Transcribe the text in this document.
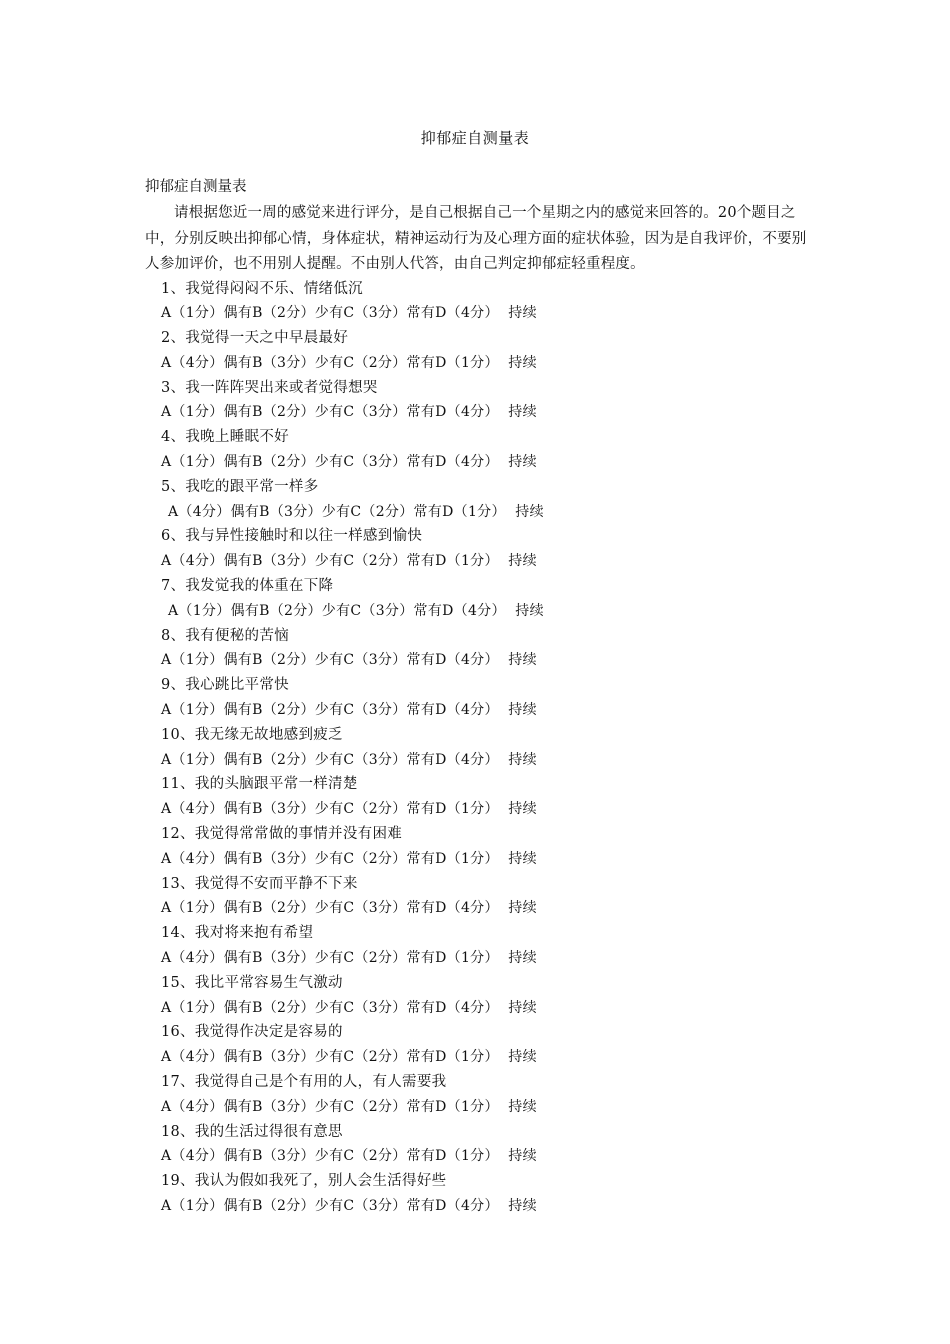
抑郁症自测量表
抑郁症自测量表

请根据您近一周的感觉来进行评分，是自己根据自己一个星期之内的感觉来回答的。20个题目之中，分别反映出抑郁心情，身体症状，精神运动行为及心理方面的症状体验，因为是自我评价，不要别人参加评价，也不用别人提醒。不由别人代答，由自己判定抑郁症轻重程度。

1、我觉得闷闷不乐、情绪低沉
A（1分）偶有B（2分）少有C（3分）常有D（4分）  持续
2、我觉得一天之中早晨最好
A（4分）偶有B（3分）少有C（2分）常有D（1分）  持续
3、我一阵阵哭出来或者觉得想哭
A（1分）偶有B（2分）少有C（3分）常有D（4分）  持续
4、我晚上睡眠不好
A（1分）偶有B（2分）少有C（3分）常有D（4分）  持续
5、我吃的跟平常一样多
A（4分）偶有B（3分）少有C（2分）常有D（1分）  持续
6、我与异性接触时和以往一样感到愉快
A（4分）偶有B（3分）少有C（2分）常有D（1分）  持续
7、我发觉我的体重在下降
A（1分）偶有B（2分）少有C（3分）常有D（4分）  持续
8、我有便秘的苦恼
A（1分）偶有B（2分）少有C（3分）常有D（4分）  持续
9、我心跳比平常快
A（1分）偶有B（2分）少有C（3分）常有D（4分）  持续
10、我无缘无故地感到疲乏
A（1分）偶有B（2分）少有C（3分）常有D（4分）  持续
11、我的头脑跟平常一样清楚
A（4分）偶有B（3分）少有C（2分）常有D（1分）  持续
12、我觉得常常做的事情并没有困难
A（4分）偶有B（3分）少有C（2分）常有D（1分）  持续
13、我觉得不安而平静不下来
A（1分）偶有B（2分）少有C（3分）常有D（4分）  持续
14、我对将来抱有希望
A（4分）偶有B（3分）少有C（2分）常有D（1分）  持续
15、我比平常容易生气激动
A（1分）偶有B（2分）少有C（3分）常有D（4分）  持续
16、我觉得作决定是容易的
A（4分）偶有B（3分）少有C（2分）常有D（1分）  持续
17、我觉得自己是个有用的人，有人需要我
A（4分）偶有B（3分）少有C（2分）常有D（1分）  持续
18、我的生活过得很有意思
A（4分）偶有B（3分）少有C（2分）常有D（1分）  持续
19、我认为假如我死了，别人会生活得好些
A（1分）偶有B（2分）少有C（3分）常有D（4分）  持续
